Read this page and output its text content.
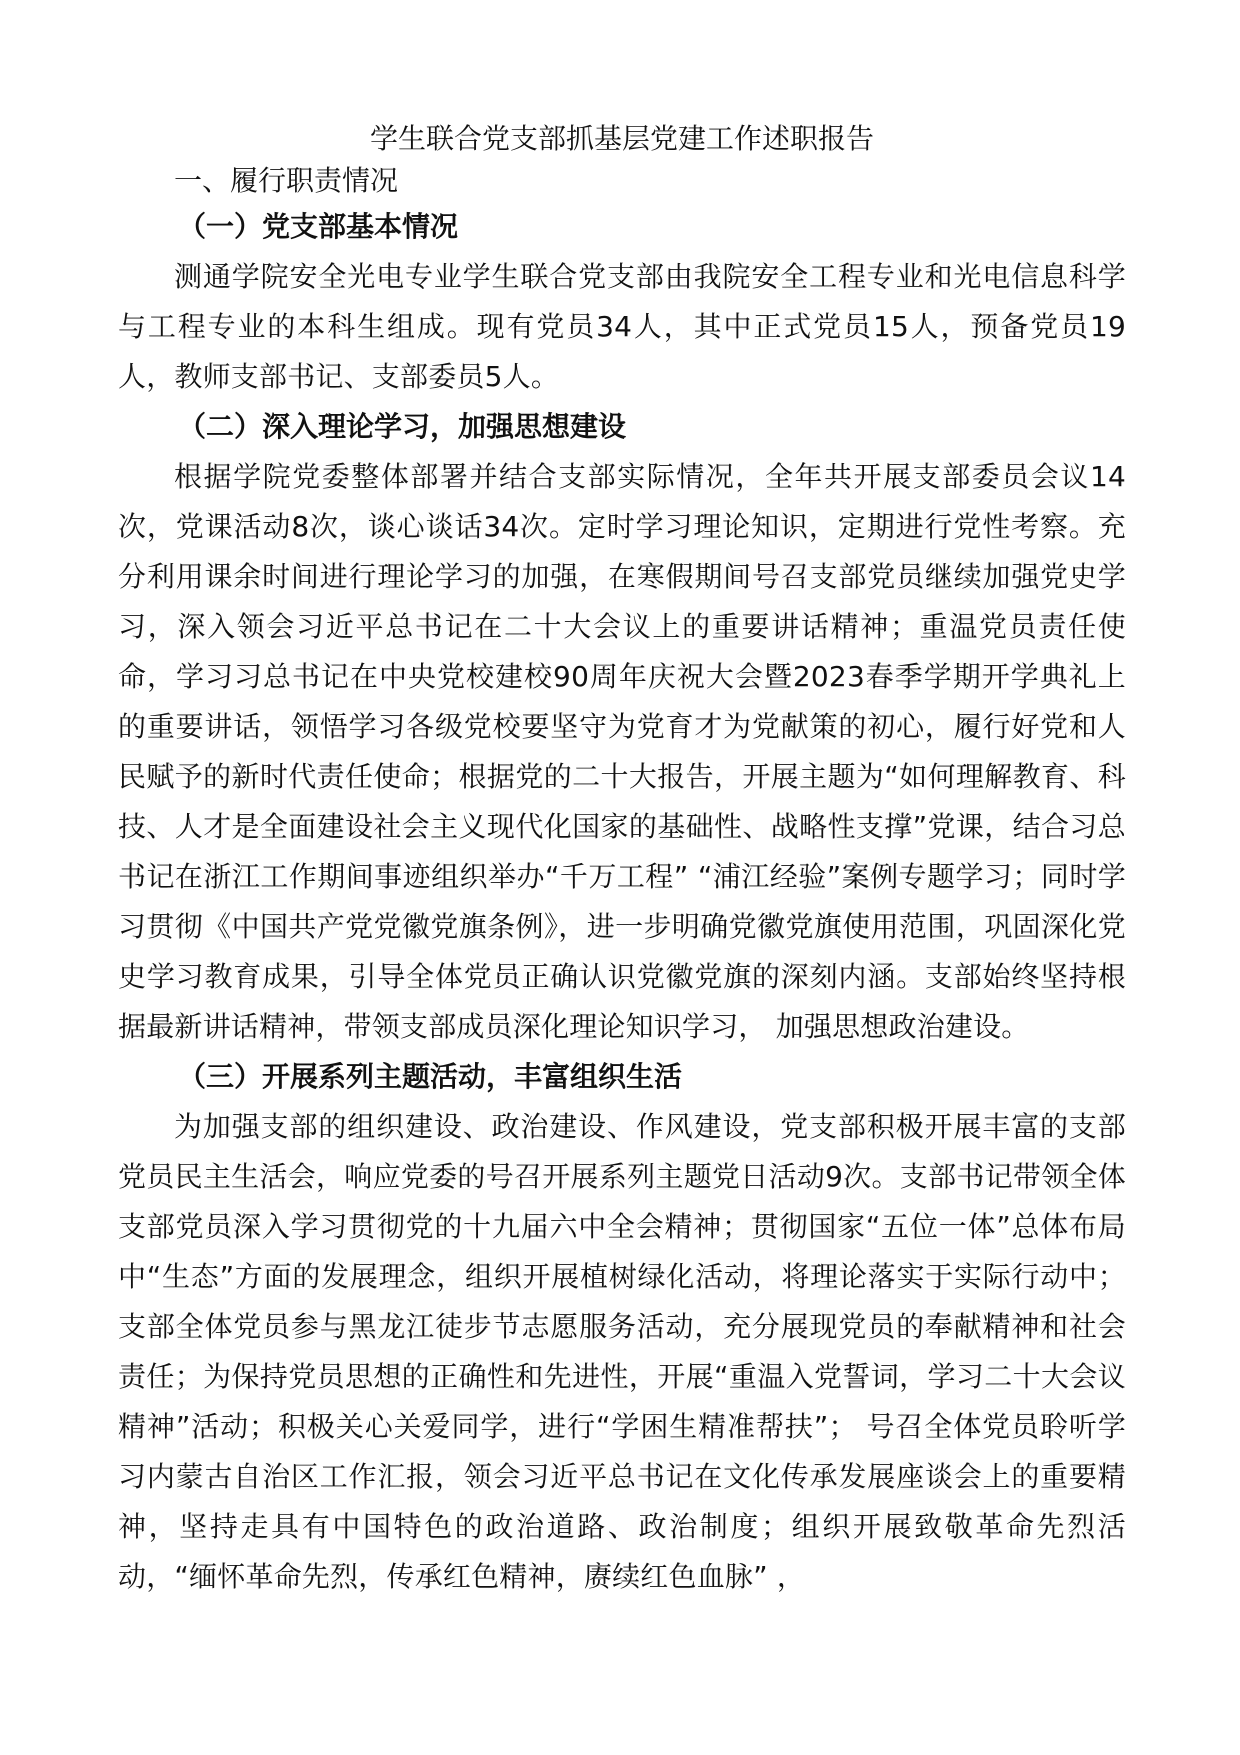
学生联合党支部抓基层党建工作述职报告
一、履行职责情况
（一）党支部基本情况

测通学院安全光电专业学生联合党支部由我院安全工程专业和光电信息科学与工程专业的本科生组成。现有党员34人，其中正式党员15人，预备党员19 人，教师支部书记、支部委员5人。

（二）深入理论学习，加强思想建设

根据学院党委整体部署并结合支部实际情况，全年共开展支部委员会议14次，党课活动8次，谈心谈话34次。定时学习理论知识，定期进行党性考察。充分利用课余时间进行理论学习的加强，在寒假期间号召支部党员继续加强党史学习，深入领会习近平总书记在二十大会议上的重要讲话精神；重温党员责任使命，学习习总书记在中央党校建校90周年庆祝大会暨2023春季学期开学典礼上的重要讲话，领悟学习各级党校要坚守为党育才为党献策的初心，履行好党和人民赋予的新时代责任使命；根据党的二十大报告，开展主题为“如何理解教育、科技、人才是全面建设社会主义现代化国家的基础性、战略性支撑”党课，结合习总书记在浙江工作期间事迹组织举办“千万工程” “浦江经验”案例专题学习；同时学习贯彻《中国共产党党徽党旗条例》，进一步明确党徽党旗使用范围，巩固深化党史学习教育成果，引导全体党员正确认识党徽党旗的深刻内涵。支部始终坚持根据最新讲话精神，带领支部成员深化理论知识学习， 加强思想政治建设。

（三）开展系列主题活动，丰富组织生活

为加强支部的组织建设、政治建设、作风建设，党支部积极开展丰富的支部党员民主生活会，响应党委的号召开展系列主题党日活动9次。支部书记带领全体支部党员深入学习贯彻党的十九届六中全会精神；贯彻国家“五位一体”总体布局中“生态”方面的发展理念，组织开展植树绿化活动，将理论落实于实际行动中；支部全体党员参与黑龙江徒步节志愿服务活动，充分展现党员的奉献精神和社会责任；为保持党员思想的正确性和先进性，开展“重温入党誓词，学习二十大会议精神”活动；积极关心关爱同学，进行“学困生精准帮扶”； 号召全体党员聆听学习内蒙古自治区工作汇报，领会习近平总书记在文化传承发展座谈会上的重要精神，坚持走具有中国特色的政治道路、政治制度；组织开展致敬革命先烈活动，“缅怀革命先烈，传承红色精神，赓续红色血脉” ，
